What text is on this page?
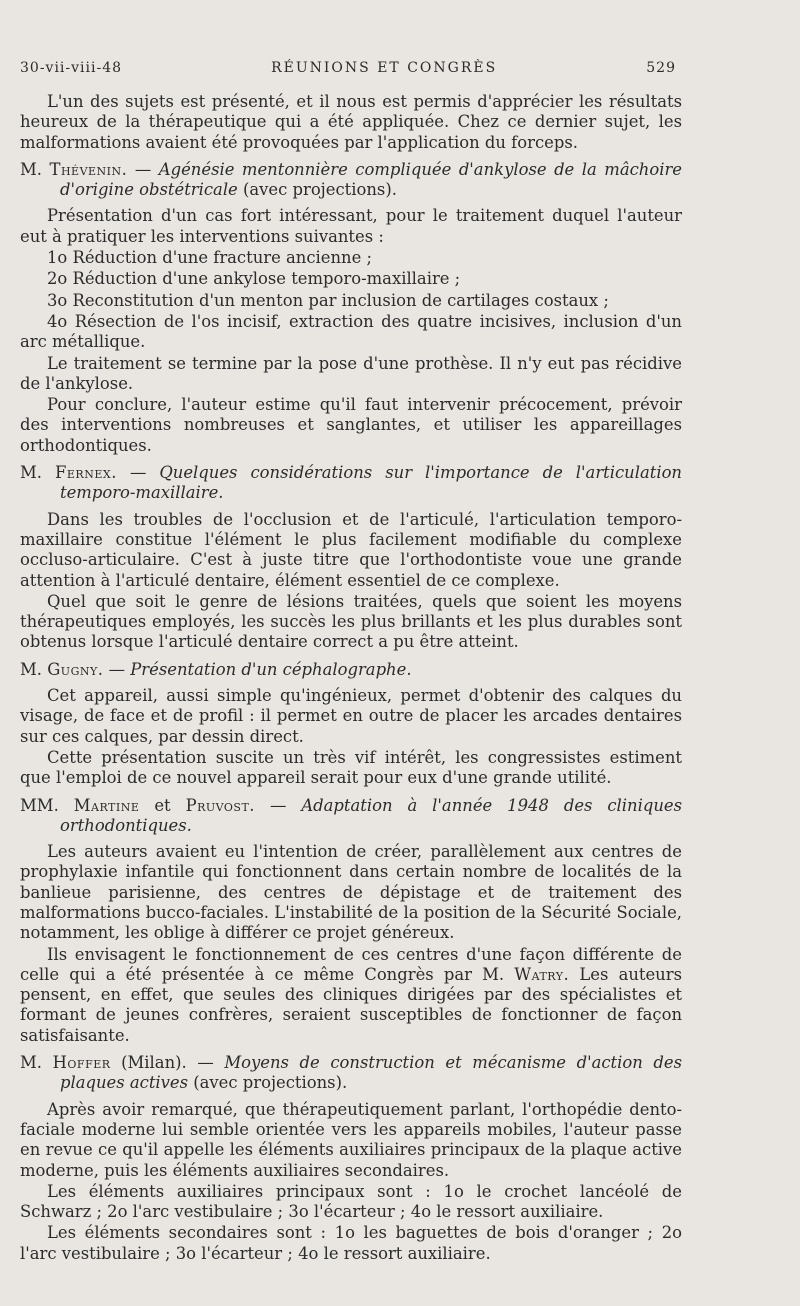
30-vii-viii-48	RÉUNIONS ET CONGRÈS	529

L'un des sujets est présenté, et il nous est permis d'apprécier les résultats heureux de la thérapeutique qui a été appliquée. Chez ce dernier sujet, les malformations avaient été provoquées par l'application du forceps.

M. Thévenin. — Agénésie mentonnière compliquée d'ankylose de la mâchoire d'origine obstétricale (avec projections).

Présentation d'un cas fort intéressant, pour le traitement duquel l'auteur eut à pratiquer les interventions suivantes :

1o Réduction d'une fracture ancienne ;

2o Réduction d'une ankylose temporo-maxillaire ;

3o Reconstitution d'un menton par inclusion de cartilages costaux ;

4o Résection de l'os incisif, extraction des quatre incisives, inclusion d'un arc métallique.

Le traitement se termine par la pose d'une prothèse. Il n'y eut pas récidive de l'ankylose.

Pour conclure, l'auteur estime qu'il faut intervenir précocement, prévoir des interventions nombreuses et sanglantes, et utiliser les appareillages orthodontiques.

M. Fernex. — Quelques considérations sur l'importance de l'articulation temporo-maxillaire.

Dans les troubles de l'occlusion et de l'articulé, l'articulation temporo-maxillaire constitue l'élément le plus facilement modifiable du complexe occluso-articulaire. C'est à juste titre que l'orthodontiste voue une grande attention à l'articulé dentaire, élément essentiel de ce complexe.

Quel que soit le genre de lésions traitées, quels que soient les moyens thérapeutiques employés, les succès les plus brillants et les plus durables sont obtenus lorsque l'articulé dentaire correct a pu être atteint.

M. Gugny. — Présentation d'un céphalographe.

Cet appareil, aussi simple qu'ingénieux, permet d'obtenir des calques du visage, de face et de profil : il permet en outre de placer les arcades dentaires sur ces calques, par dessin direct.

Cette présentation suscite un très vif intérêt, les congressistes estiment que l'emploi de ce nouvel appareil serait pour eux d'une grande utilité.

MM. Martine et Pruvost. — Adaptation à l'année 1948 des cliniques orthodontiques.

Les auteurs avaient eu l'intention de créer, parallèlement aux centres de prophylaxie infantile qui fonctionnent dans certain nombre de localités de la banlieue parisienne, des centres de dépistage et de traitement des malformations bucco-faciales. L'instabilité de la position de la Sécurité Sociale, notamment, les oblige à différer ce projet généreux.

Ils envisagent le fonctionnement de ces centres d'une façon différente de celle qui a été présentée à ce même Congrès par M. Watry. Les auteurs pensent, en effet, que seules des cliniques dirigées par des spécialistes et formant de jeunes confrères, seraient susceptibles de fonctionner de façon satisfaisante.

M. Hoffer (Milan). — Moyens de construction et mécanisme d'action des plaques actives (avec projections).

Après avoir remarqué, que thérapeutiquement parlant, l'orthopédie dento-faciale moderne lui semble orientée vers les appareils mobiles, l'auteur passe en revue ce qu'il appelle les éléments auxiliaires principaux de la plaque active moderne, puis les éléments auxiliaires secondaires.

Les éléments auxiliaires principaux sont : 1o le crochet lancéolé de Schwarz ; 2o l'arc vestibulaire ; 3o l'écarteur ; 4o le ressort auxiliaire.

Les éléments secondaires sont : 1o les baguettes de bois d'oranger ; 2o l'arc vestibulaire ; 3o l'écarteur ; 4o le ressort auxiliaire.
